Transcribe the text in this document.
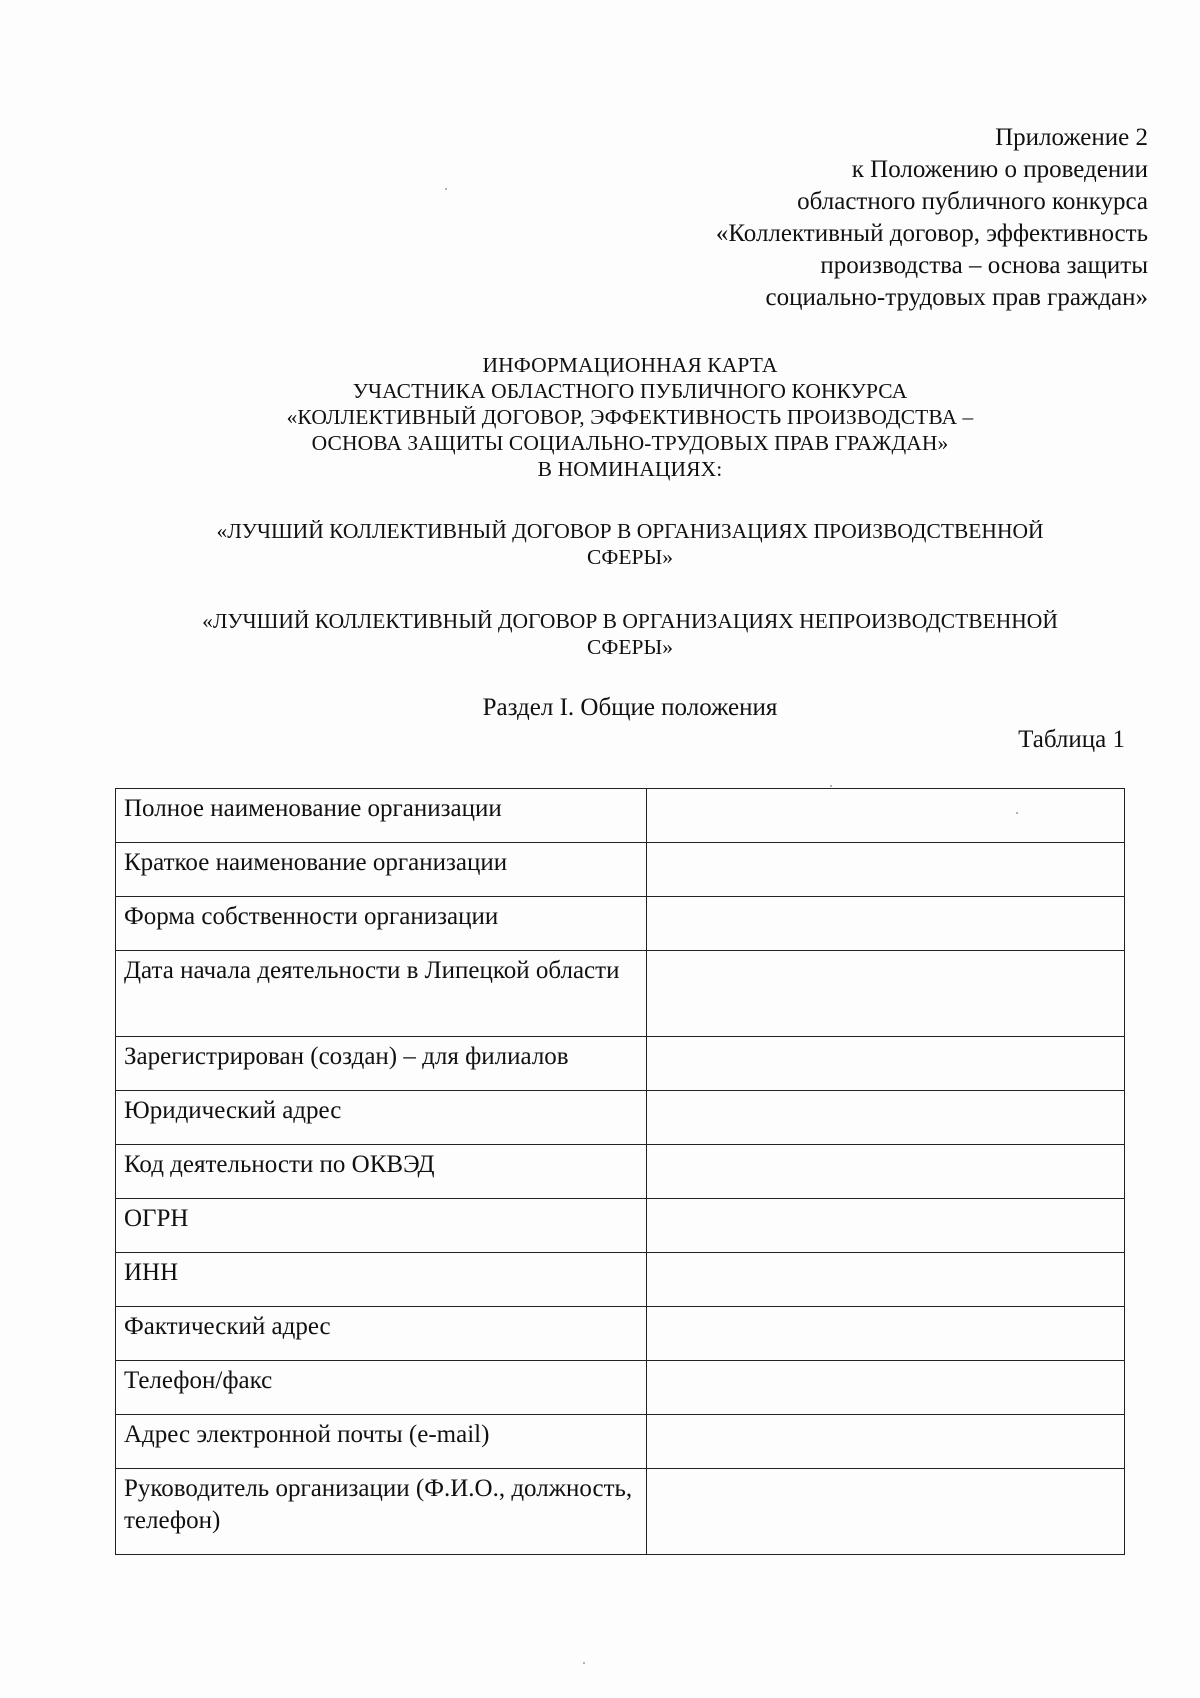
Приложение 2
к Положению о проведении
областного публичного конкурса
«Коллективный договор, эффективность
производства – основа защиты
социально-трудовых прав граждан»
ИНФОРМАЦИОННАЯ КАРТА
УЧАСТНИКА ОБЛАСТНОГО ПУБЛИЧНОГО КОНКУРСА
«КОЛЛЕКТИВНЫЙ ДОГОВОР, ЭФФЕКТИВНОСТЬ ПРОИЗВОДСТВА –
ОСНОВА ЗАЩИТЫ СОЦИАЛЬНО-ТРУДОВЫХ ПРАВ ГРАЖДАН»
В НОМИНАЦИЯХ:
«ЛУЧШИЙ КОЛЛЕКТИВНЫЙ ДОГОВОР В ОРГАНИЗАЦИЯХ ПРОИЗВОДСТВЕННОЙ
СФЕРЫ»
«ЛУЧШИЙ КОЛЛЕКТИВНЫЙ ДОГОВОР В ОРГАНИЗАЦИЯХ НЕПРОИЗВОДСТВЕННОЙ
СФЕРЫ»
Раздел I. Общие положения
Таблица 1
Полное наименование организации	
Краткое наименование организации	
Форма собственности организации	
Дата начала деятельности в Липецкой области	
Зарегистрирован (создан) – для филиалов	
Юридический адрес	
Код деятельности по ОКВЭД	
ОГРН	
ИНН	
Фактический адрес	
Телефон/факс	
Адрес электронной почты (e-mail)	
Руководитель организации (Ф.И.О., должность, телефон)	
